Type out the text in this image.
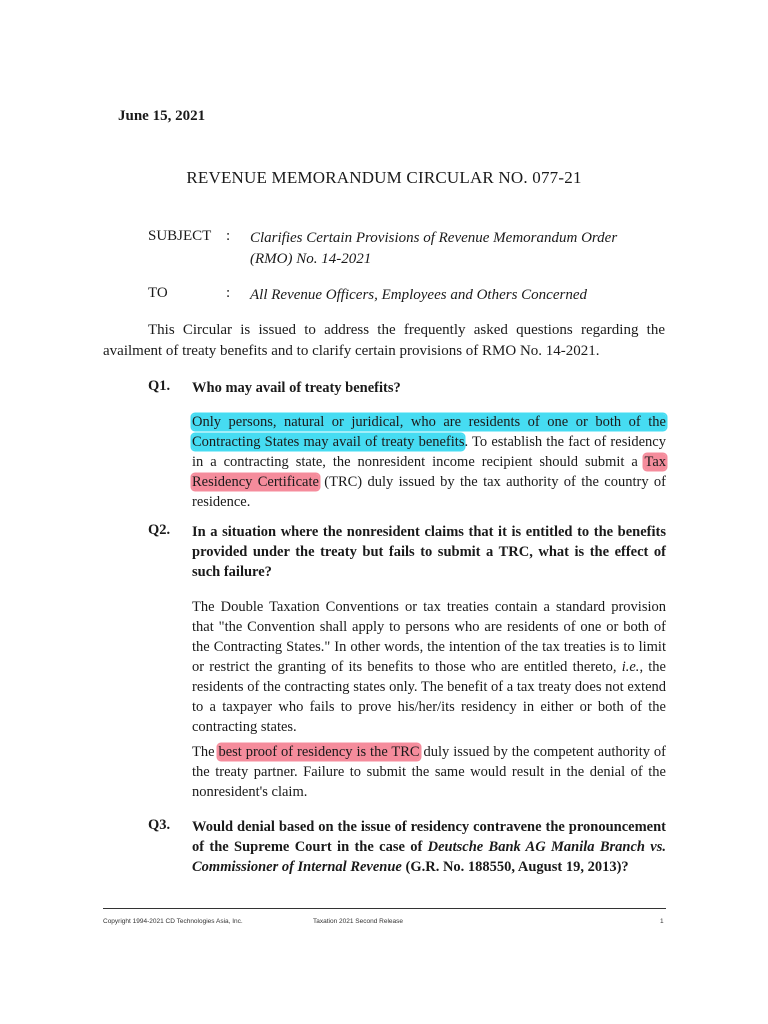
June 15, 2021
REVENUE MEMORANDUM CIRCULAR NO. 077-21
SUBJECT : Clarifies Certain Provisions of Revenue Memorandum Order
(RMO) No. 14-2021
TO	: All Revenue Officers, Employees and Others Concerned
This Circular is issued to address the frequently asked questions regarding the availment of treaty benefits and to clarify certain provisions of RMO No. 14-2021.
Q1. Who may avail of treaty benefits?
Only persons, natural or juridical, who are residents of one or both of the Contracting States may avail of treaty benefits. To establish the fact of residency in a contracting state, the nonresident income recipient should submit a Tax Residency Certificate (TRC) duly issued by the tax authority of the country of residence.
Q2. In a situation where the nonresident claims that it is entitled to the benefits provided under the treaty but fails to submit a TRC, what is the effect of such failure?
The Double Taxation Conventions or tax treaties contain a standard provision that "the Convention shall apply to persons who are residents of one or both of the Contracting States." In other words, the intention of the tax treaties is to limit or restrict the granting of its benefits to those who are entitled thereto, i.e., the residents of the contracting states only. The benefit of a tax treaty does not extend to a taxpayer who fails to prove his/her/its residency in either or both of the contracting states.
The best proof of residency is the TRC duly issued by the competent authority of the treaty partner. Failure to submit the same would result in the denial of the nonresident's claim.
Q3. Would denial based on the issue of residency contravene the pronouncement of the Supreme Court in the case of Deutsche Bank AG Manila Branch vs. Commissioner of Internal Revenue (G.R. No. 188550, August 19, 2013)?
Copyright 1994-2021 CD Technologies Asia, Inc.	Taxation 2021 Second Release	1
